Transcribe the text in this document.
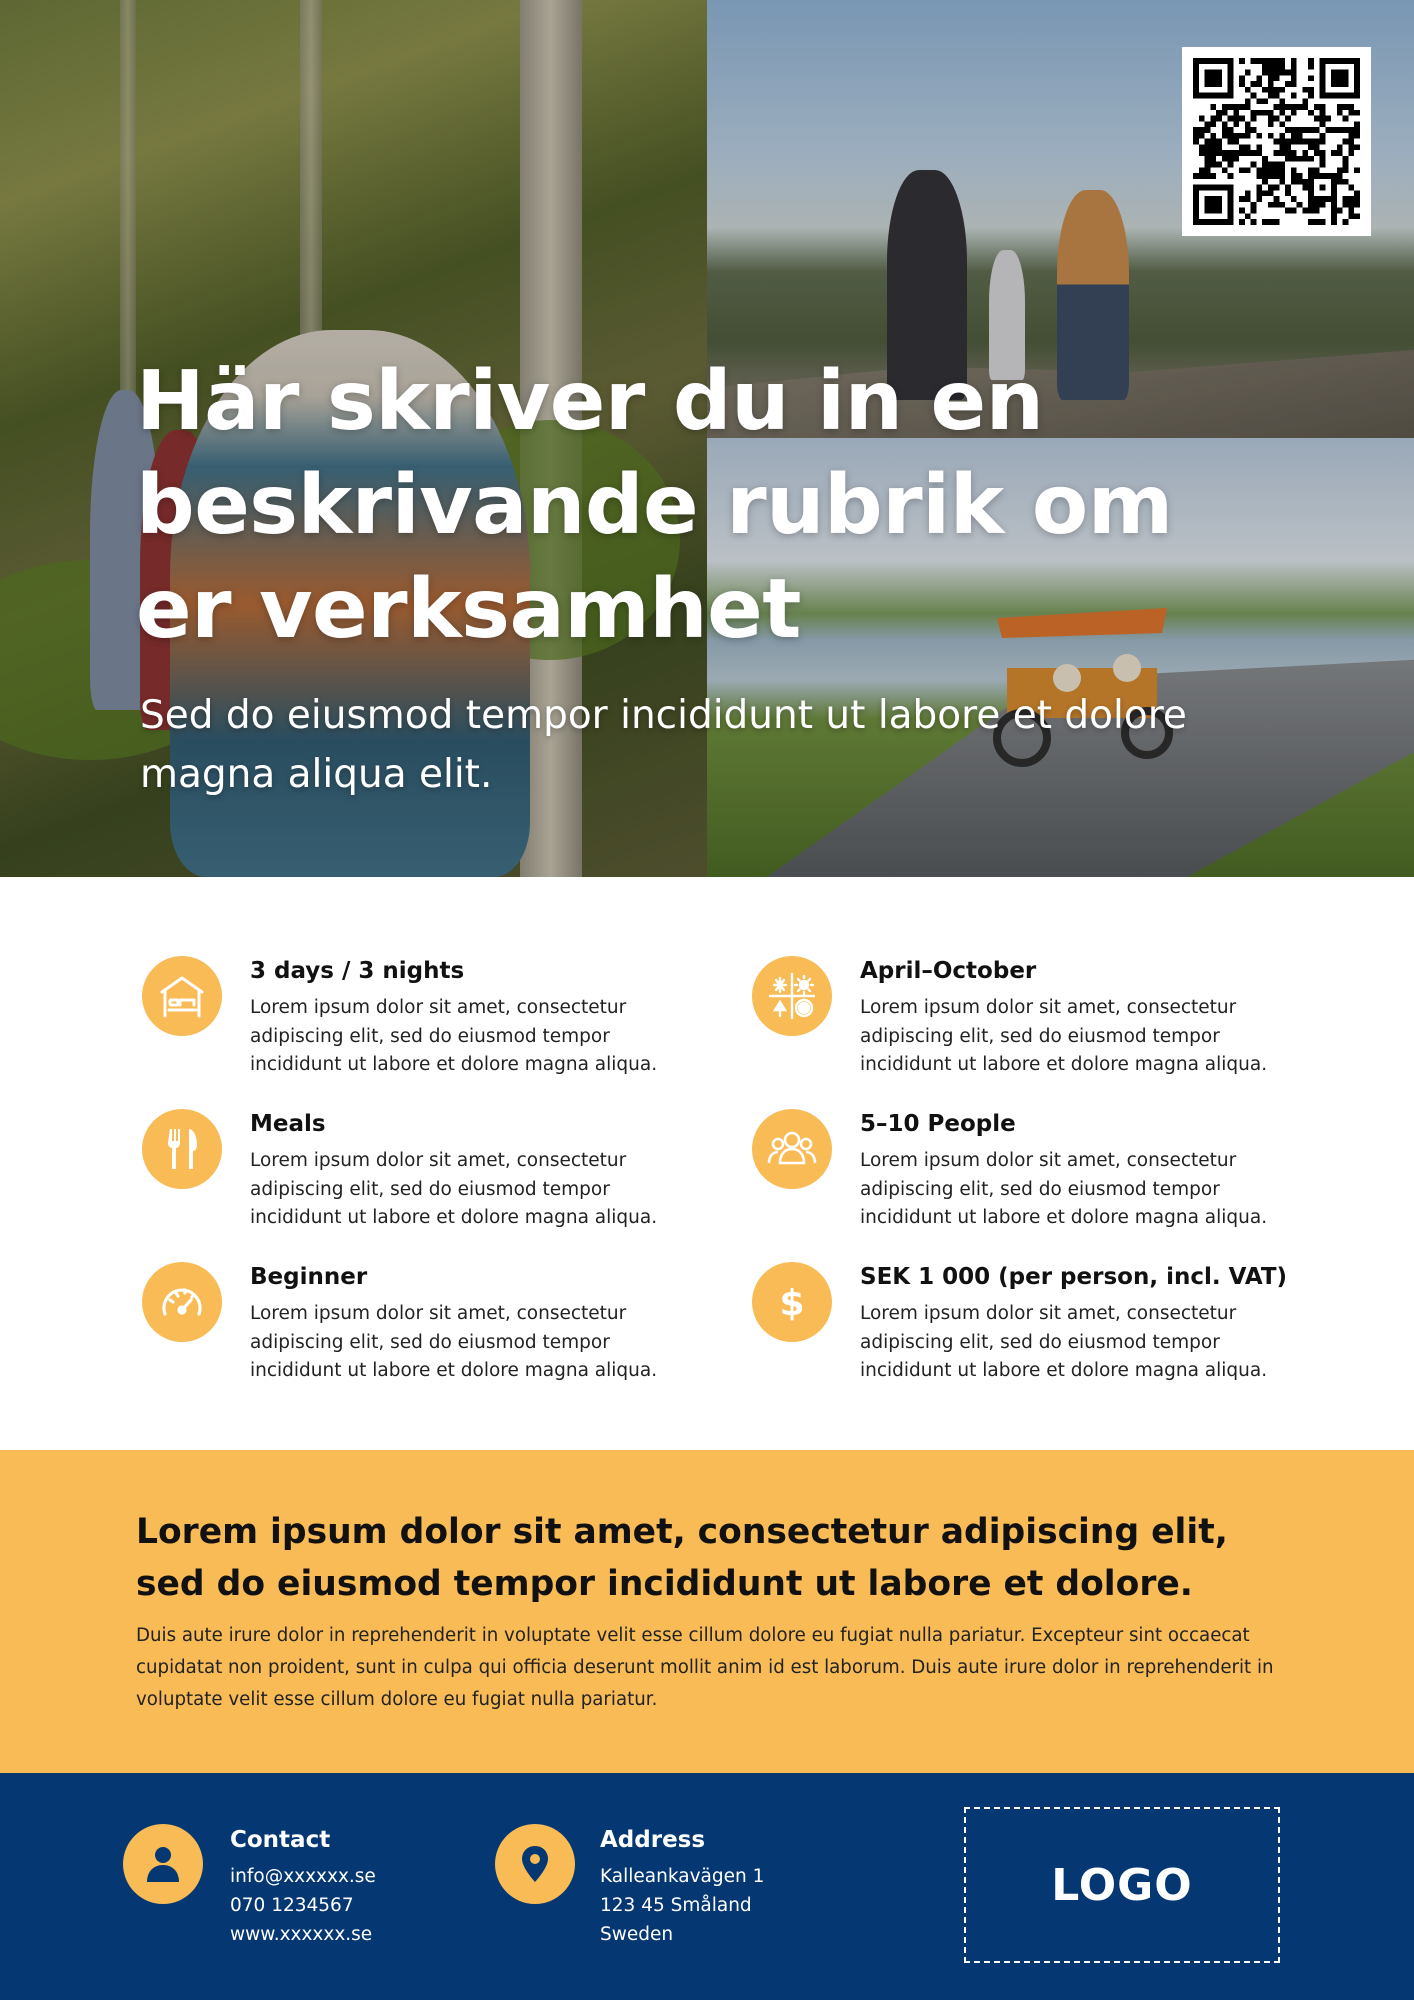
Här skriver du in en beskrivande rubrik om er verksamhet

Sed do eiusmod tempor incididunt ut labore et dolore magna aliqua elit.

3 days / 3 nights
Lorem ipsum dolor sit amet, consectetur adipiscing elit, sed do eiusmod tempor incididunt ut labore et dolore magna aliqua.
April–October
Lorem ipsum dolor sit amet, consectetur adipiscing elit, sed do eiusmod tempor incididunt ut labore et dolore magna aliqua.
Meals
Lorem ipsum dolor sit amet, consectetur adipiscing elit, sed do eiusmod tempor incididunt ut labore et dolore magna aliqua.
5–10 People
Lorem ipsum dolor sit amet, consectetur adipiscing elit, sed do eiusmod tempor incididunt ut labore et dolore magna aliqua.
Beginner
Lorem ipsum dolor sit amet, consectetur adipiscing elit, sed do eiusmod tempor incididunt ut labore et dolore magna aliqua.
$
SEK 1 000 (per person, incl. VAT)
Lorem ipsum dolor sit amet, consectetur adipiscing elit, sed do eiusmod tempor incididunt ut labore et dolore magna aliqua.
Lorem ipsum dolor sit amet, consectetur adipiscing elit, sed do eiusmod tempor incididunt ut labore et dolore.

Duis aute irure dolor in reprehenderit in voluptate velit esse cillum dolore eu fugiat nulla pariatur. Excepteur sint occaecat cupidatat non proident, sunt in culpa qui officia deserunt mollit anim id est laborum. Duis aute irure dolor in reprehenderit in voluptate velit esse cillum dolore eu fugiat nulla pariatur.

Contact
info@xxxxxx.se
070 1234567
www.xxxxxx.se
Address
Kalleankavägen 1
123 45 Småland
Sweden
LOGO
